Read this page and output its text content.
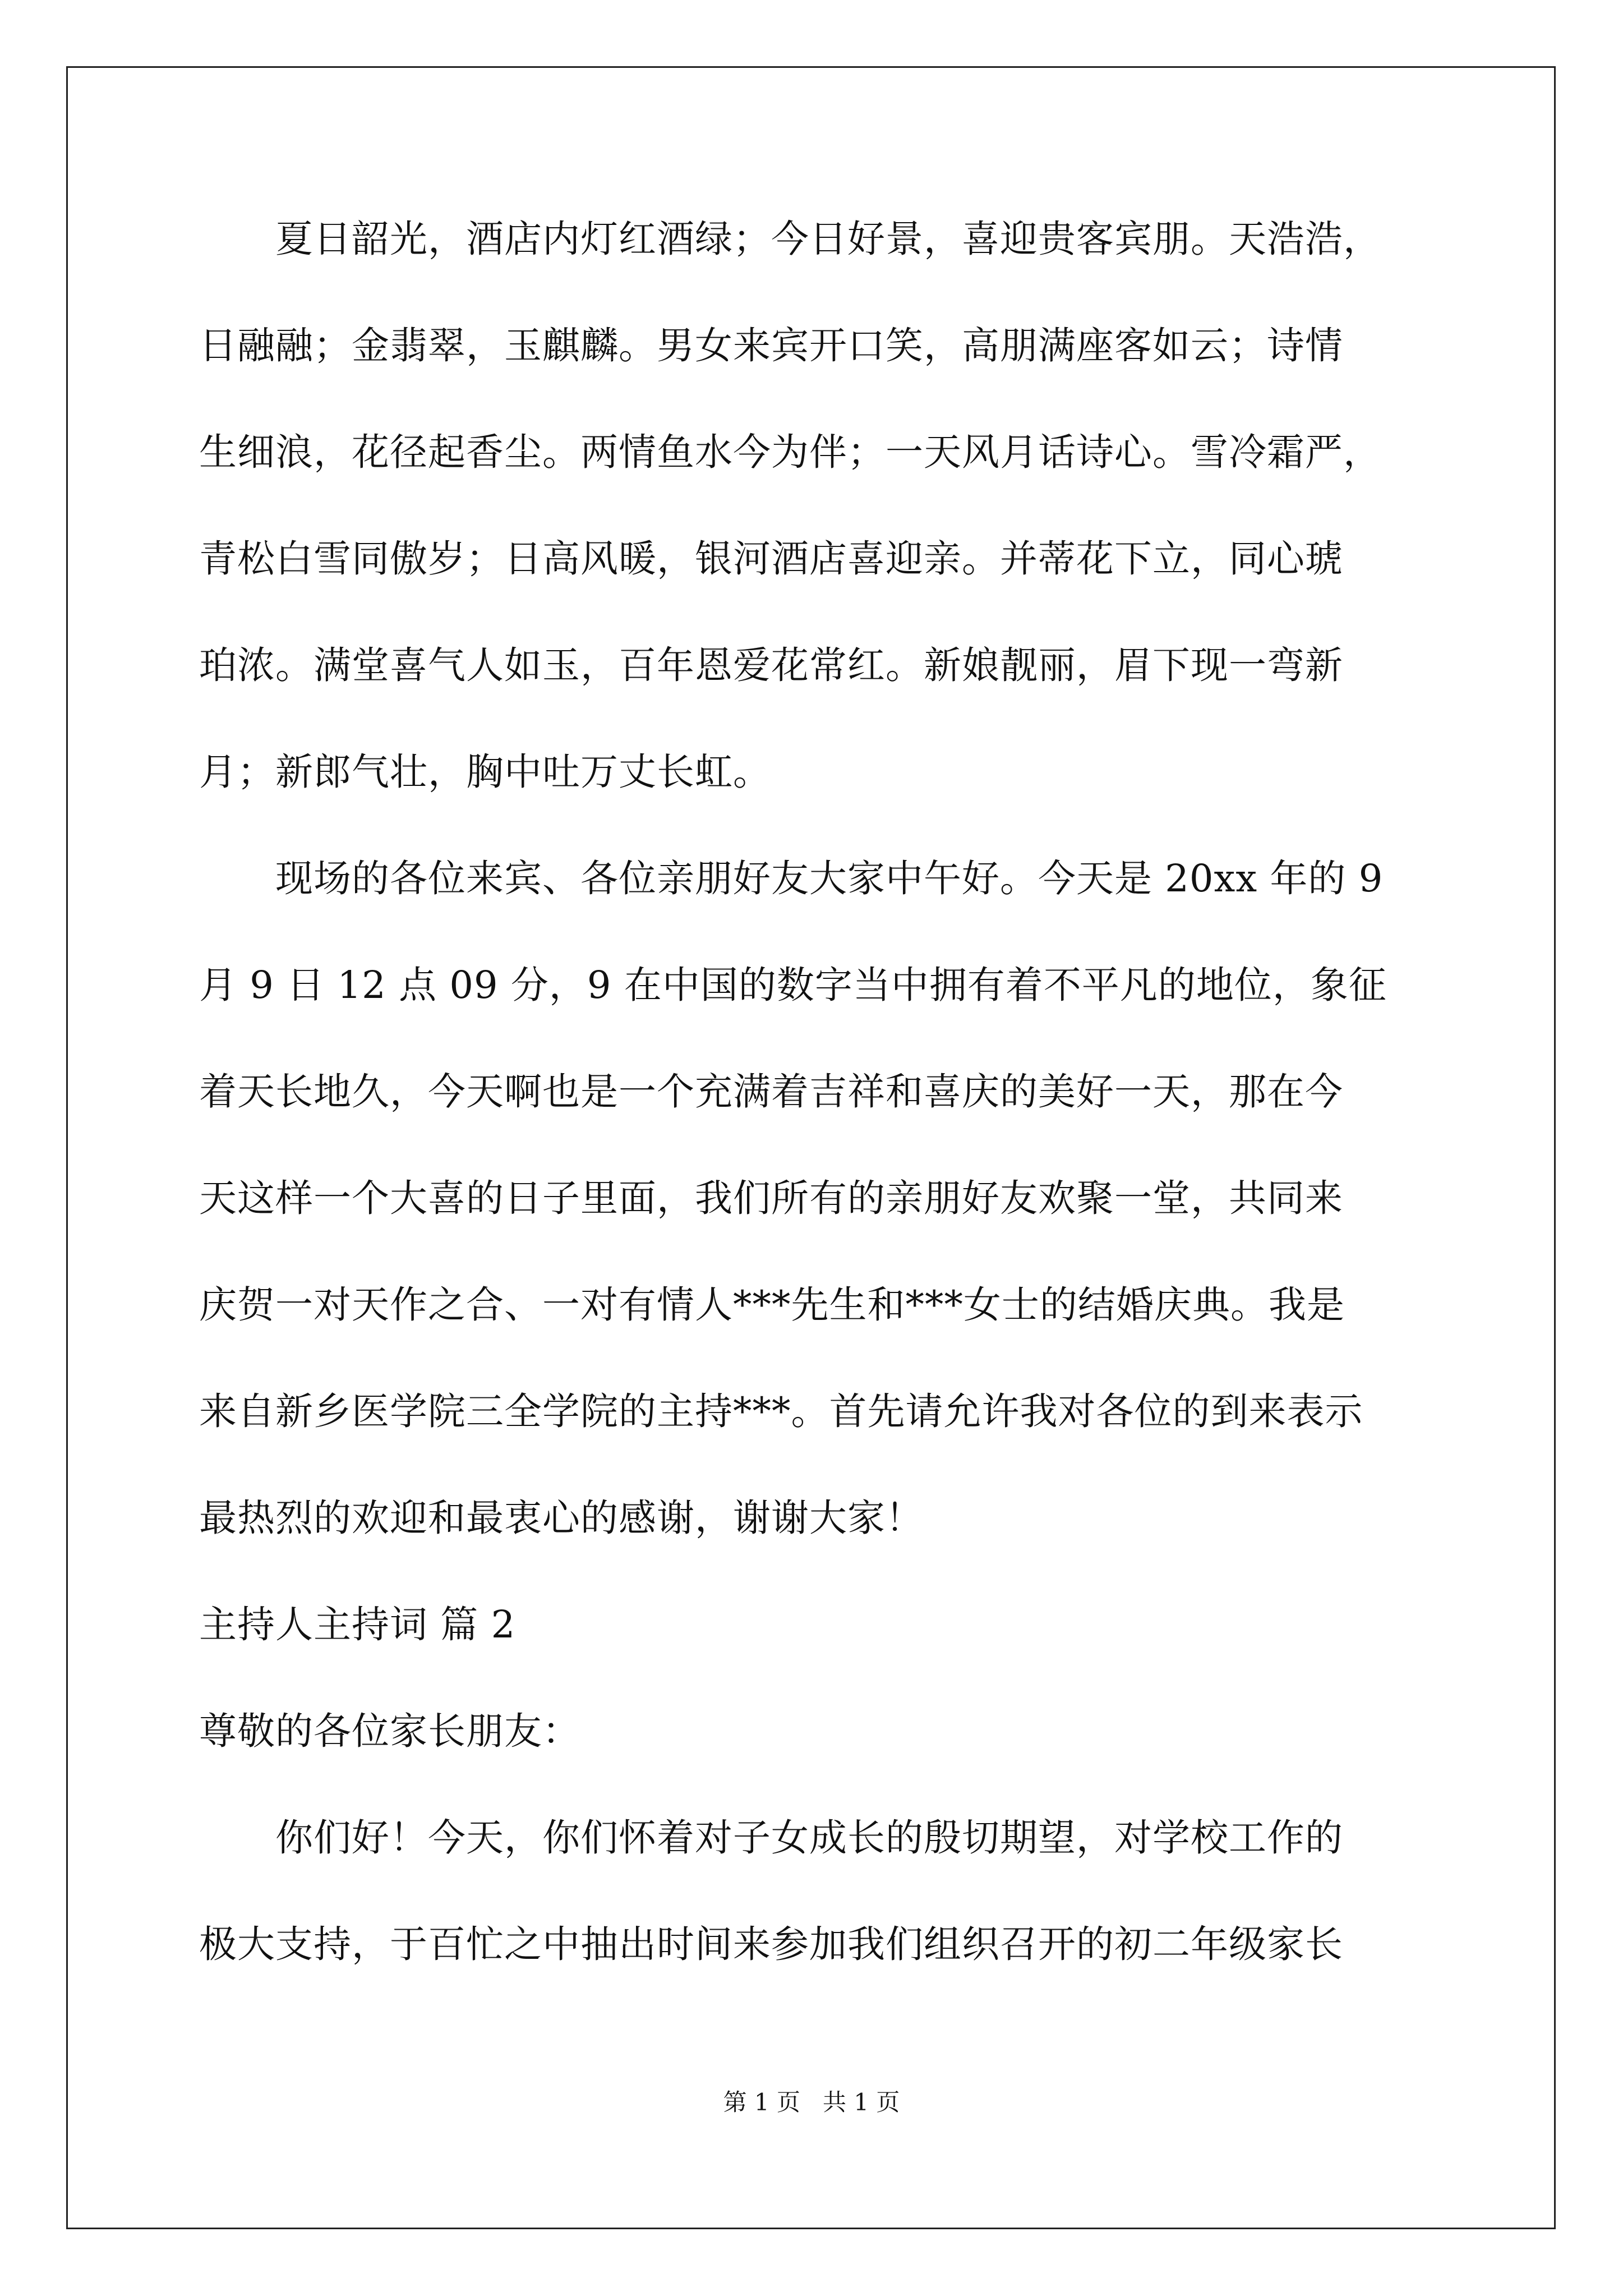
　　夏日韶光，酒店内灯红酒绿；今日好景，喜迎贵客宾朋。天浩浩，
日融融；金翡翠，玉麒麟。男女来宾开口笑，高朋满座客如云；诗情
生细浪，花径起香尘。两情鱼水今为伴；一天风月话诗心。雪冷霜严，
青松白雪同傲岁；日高风暖，银河酒店喜迎亲。并蒂花下立，同心琥
珀浓。满堂喜气人如玉，百年恩爱花常红。新娘靓丽，眉下现一弯新
月；新郎气壮，胸中吐万丈长虹。
　　现场的各位来宾、各位亲朋好友大家中午好。今天是 20xx 年的 9
月 9 日 12 点 09 分，9 在中国的数字当中拥有着不平凡的地位，象征
着天长地久，今天啊也是一个充满着吉祥和喜庆的美好一天，那在今
天这样一个大喜的日子里面，我们所有的亲朋好友欢聚一堂，共同来
庆贺一对天作之合、一对有情人***先生和***女士的结婚庆典。我是
来自新乡医学院三全学院的主持***。首先请允许我对各位的到来表示
最热烈的欢迎和最衷心的感谢，谢谢大家！
主持人主持词 篇 2
尊敬的各位家长朋友：
　　你们好！今天，你们怀着对子女成长的殷切期望，对学校工作的
极大支持，于百忙之中抽出时间来参加我们组织召开的初二年级家长
第 1 页 共 1 页
